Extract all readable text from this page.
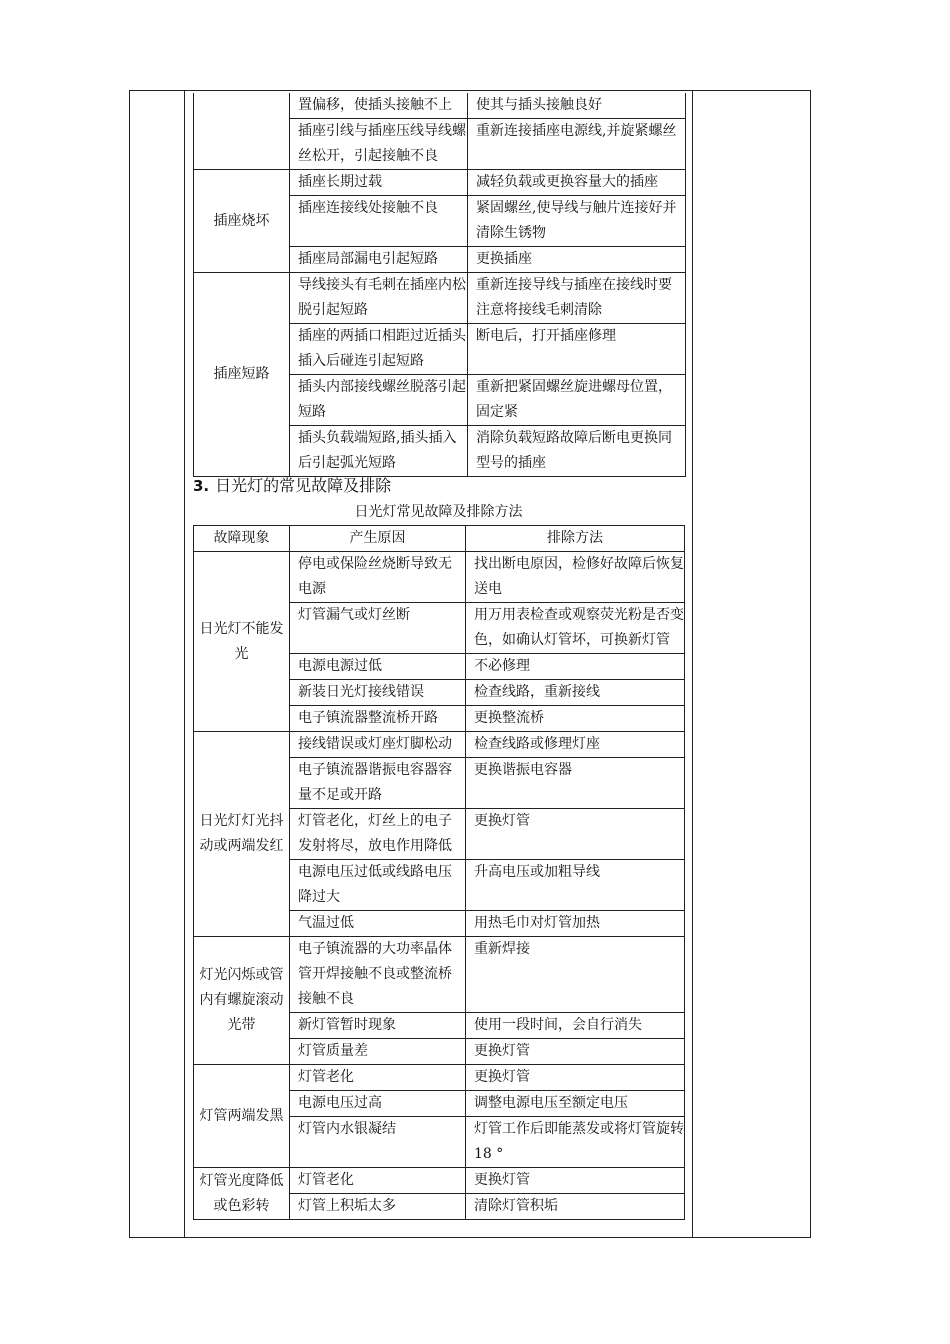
	置偏移，使插头接触不上	使其与插头接触良好
	插座引线与插座压线导线螺丝松开，引起接触不良	重新连接插座电源线,并旋紧螺丝
插座烧坏	插座长期过载	减轻负载或更换容量大的插座
	插座连接线处接触不良	紧固螺丝,使导线与触片连接好并清除生锈物
	插座局部漏电引起短路	更换插座
插座短路	导线接头有毛刺在插座内松脱引起短路	重新连接导线与插座在接线时要注意将接线毛刺清除
	插座的两插口相距过近插头插入后碰连引起短路	断电后，打开插座修理
	插头内部接线螺丝脱落引起短路	重新把紧固螺丝旋进螺母位置，固定紧
	插头负载端短路,插头插入后引起弧光短路	消除负载短路故障后断电更换同型号的插座
3. 日光灯的常见故障及排除
日光灯常见故障及排除方法
故障现象	产生原因	排除方法
日光灯不能发光	停电或保险丝烧断导致无电源	找出断电原因，检修好故障后恢复送电
	灯管漏气或灯丝断	用万用表检查或观察荧光粉是否变色，如确认灯管坏，可换新灯管
	电源电源过低	不必修理
	新装日光灯接线错误	检查线路，重新接线
	电子镇流器整流桥开路	更换整流桥
日光灯灯光抖动或两端发红	接线错误或灯座灯脚松动	检查线路或修理灯座
	电子镇流器谐振电容器容量不足或开路	更换谐振电容器
	灯管老化，灯丝上的电子发射将尽，放电作用降低	更换灯管
	电源电压过低或线路电压降过大	升高电压或加粗导线
	气温过低	用热毛巾对灯管加热
灯光闪烁或管内有螺旋滚动光带	电子镇流器的大功率晶体管开焊接触不良或整流桥接触不良	重新焊接
	新灯管暂时现象	使用一段时间，会自行消失
	灯管质量差	更换灯管
灯管两端发黑	灯管老化	更换灯管
	电源电压过高	调整电源电压至额定电压
	灯管内水银凝结	灯管工作后即能蒸发或将灯管旋转 18 °
灯管光度降低或色彩转	灯管老化	更换灯管
	灯管上积垢太多	清除灯管积垢
